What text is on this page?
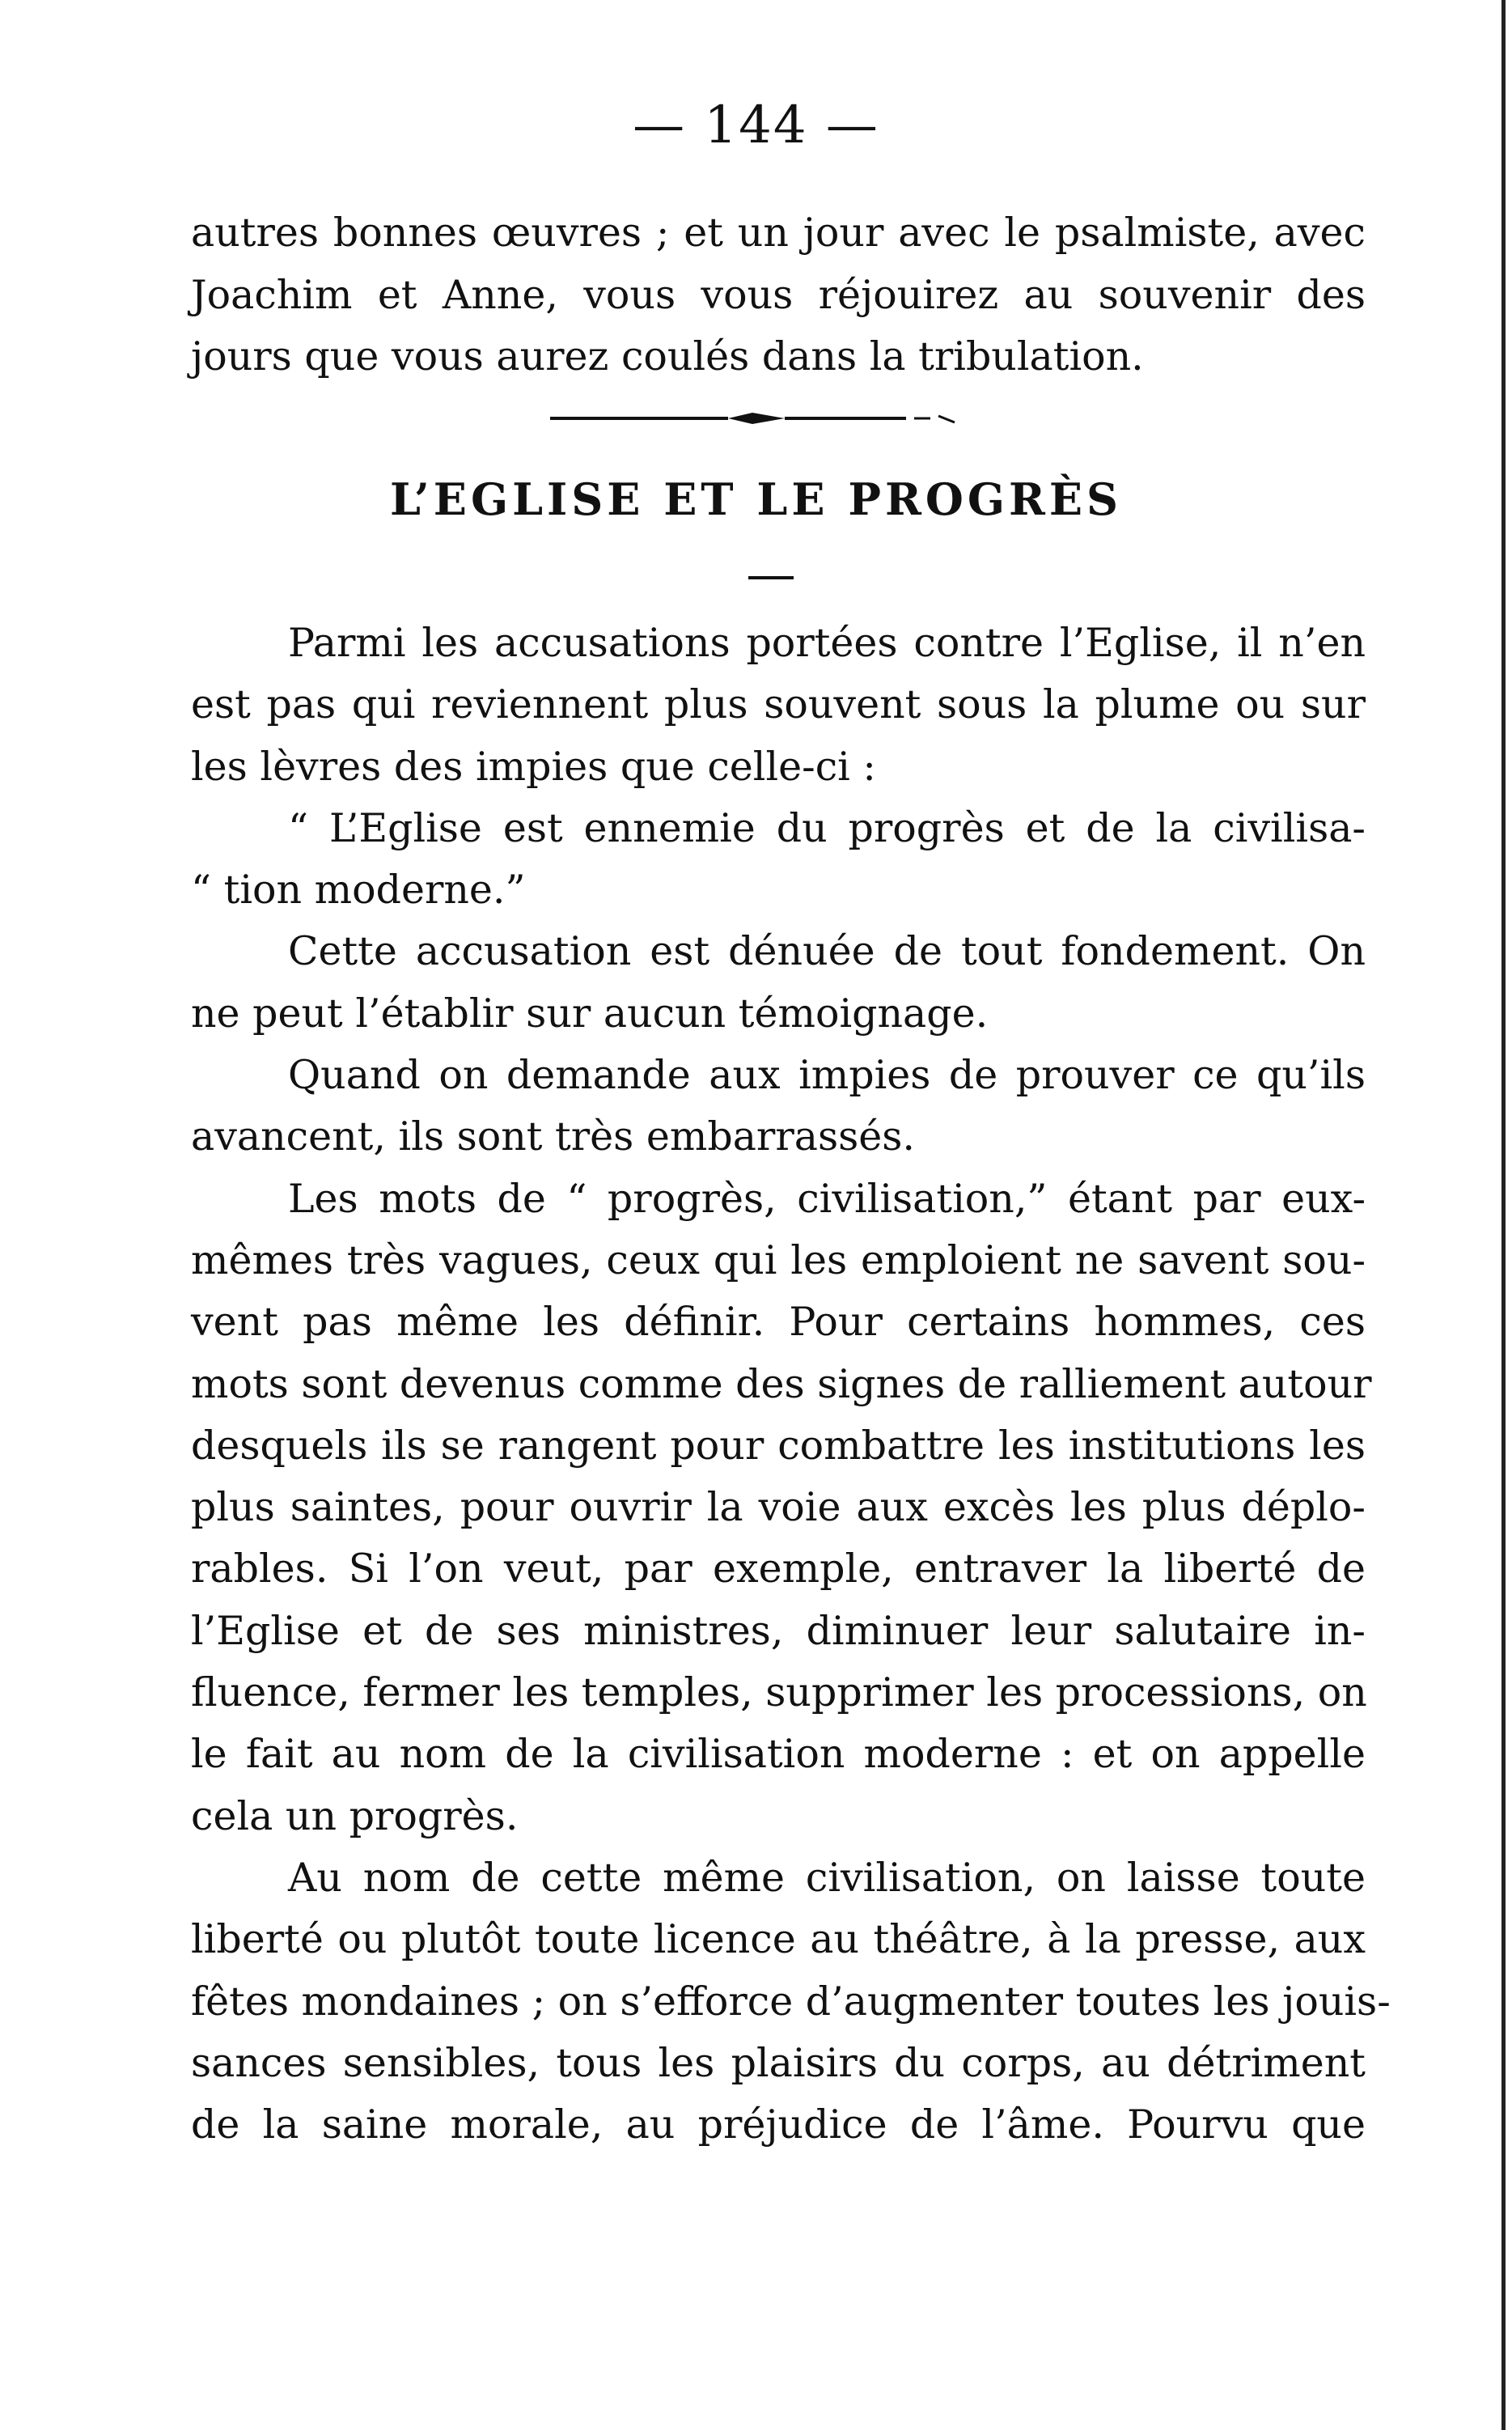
— 144 —
autres bonnes œuvres ; et un jour avec le psalmiste, avec
Joachim et Anne, vous vous réjouirez au souvenir des
jours que vous aurez coulés dans la tribulation.
L’EGLISE ET LE PROGRÈS
Parmi les accusations portées contre l’Eglise, il n’en
est pas qui reviennent plus souvent sous la plume ou sur
les lèvres des impies que celle-ci :
“ L’Eglise est ennemie du progrès et de la civilisa-
“ tion moderne.”
Cette accusation est dénuée de tout fondement. On
ne peut l’établir sur aucun témoignage.
Quand on demande aux impies de prouver ce qu’ils
avancent, ils sont très embarrassés.
Les mots de “ progrès, civilisation,” étant par eux-
mêmes très vagues, ceux qui les emploient ne savent sou-
vent pas même les définir. Pour certains hommes, ces
mots sont devenus comme des signes de ralliement autour
desquels ils se rangent pour combattre les institutions les
plus saintes, pour ouvrir la voie aux excès les plus déplo-
rables. Si l’on veut, par exemple, entraver la liberté de
l’Eglise et de ses ministres, diminuer leur salutaire in-
fluence, fermer les temples, supprimer les processions, on
le fait au nom de la civilisation moderne : et on appelle
cela un progrès.
Au nom de cette même civilisation, on laisse toute
liberté ou plutôt toute licence au théâtre, à la presse, aux
fêtes mondaines ; on s’efforce d’augmenter toutes les jouis-
sances sensibles, tous les plaisirs du corps, au détriment
de la saine morale, au préjudice de l’âme. Pourvu que
